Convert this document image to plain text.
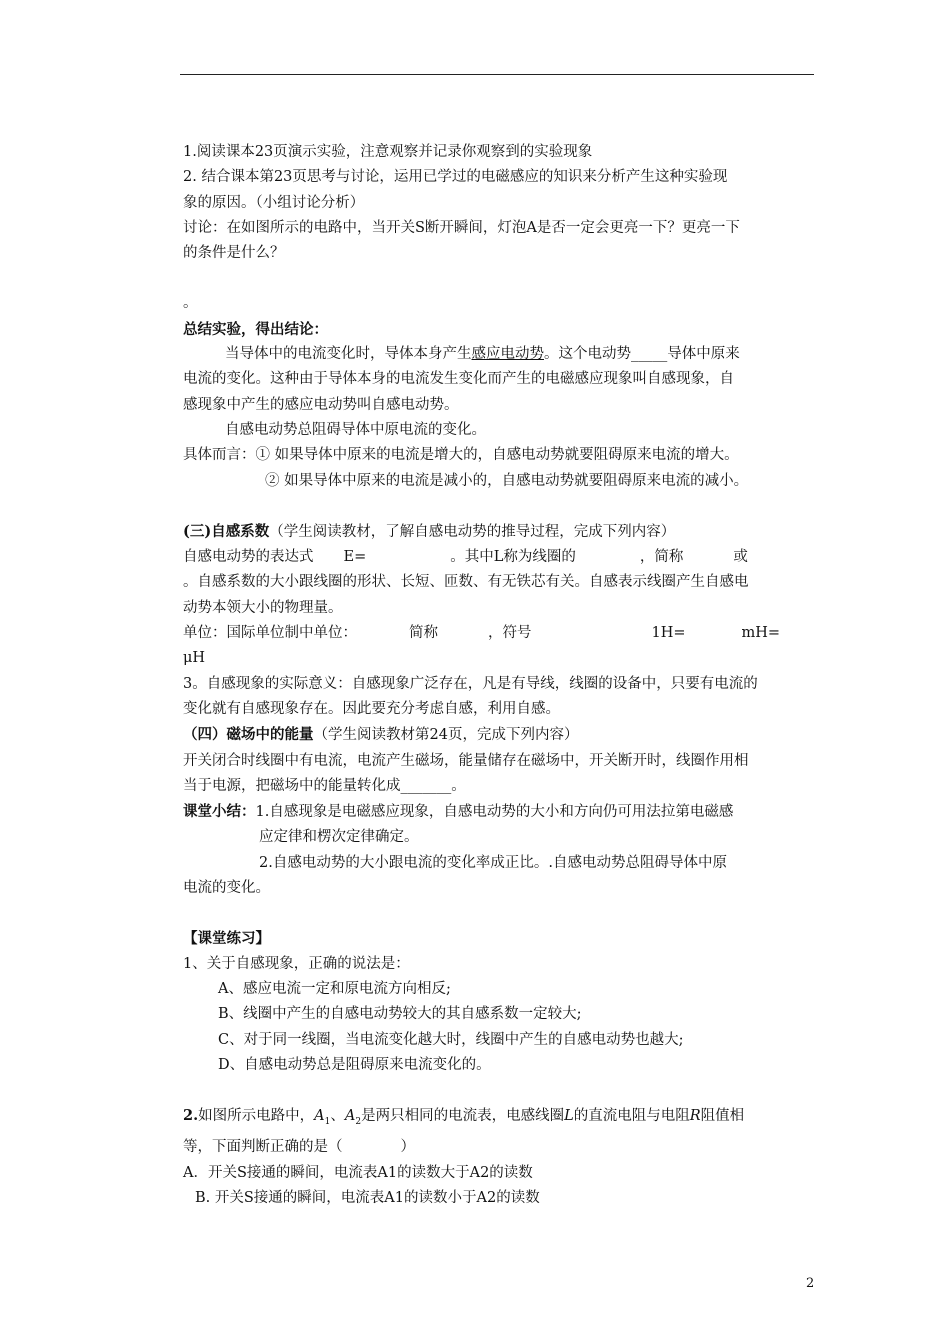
1.阅读课本23页演示实验，注意观察并记录你观察到的实验现象

2. 结合课本第23页思考与讨论，运用已学过的电磁感应的知识来分析产生这种实验现

象的原因。（小组讨论分析）

讨论：在如图所示的电路中，当开关S断开瞬间，灯泡A是否一定会更亮一下？更亮一下

的条件是什么？

。

总结实验，得出结论：

当导体中的电流变化时，导体本身产生感应电动势。这个电动势_____导体中原来

电流的变化。这种由于导体本身的电流发生变化而产生的电磁感应现象叫自感现象，自

感现象中产生的感应电动势叫自感电动势。

自感电动势总阻碍导体中原电流的变化。

具体而言：① 如果导体中原来的电流是增大的，自感电动势就要阻碍原来电流的增大。

② 如果导体中原来的电流是减小的，自感电动势就要阻碍原来电流的减小。

(三)自感系数（学生阅读教材，了解自感电动势的推导过程，完成下列内容）

自感电动势的表达式 E=	。其中L称为线圈的	，简称	或

。自感系数的大小跟线圈的形状、长短、匝数、有无铁芯有关。自感表示线圈产生自感电

动势本领大小的物理量。

单位：国际单位制中单位：	简称	，符号	1H=	mH=

μH

3。自感现象的实际意义：自感现象广泛存在，凡是有导线，线圈的设备中，只要有电流的

变化就有自感现象存在。因此要充分考虑自感，利用自感。

（四）磁场中的能量（学生阅读教材第24页，完成下列内容）

开关闭合时线圈中有电流，电流产生磁场，能量储存在磁场中，开关断开时，线圈作用相

当于电源，把磁场中的能量转化成_______。

课堂小结：1.自感现象是电磁感应现象，自感电动势的大小和方向仍可用法拉第电磁感

应定律和楞次定律确定。

2.自感电动势的大小跟电流的变化率成正比。.自感电动势总阻碍导体中原

电流的变化。

【课堂练习】

1、关于自感现象，正确的说法是：

A、感应电流一定和原电流方向相反;

B、线圈中产生的自感电动势较大的其自感系数一定较大;

C、对于同一线圈，当电流变化越大时，线圈中产生的自感电动势也越大;

D、自感电动势总是阻碍原来电流变化的。

2.如图所示电路中，$A_1$、$A_2$是两只相同的电流表，电感线圈L的直流电阻与电阻R阻值相

等，下面判断正确的是（　　　　）

A．开关S接通的瞬间，电流表A1的读数大于A2的读数

B. 开关S接通的瞬间，电流表A1的读数小于A2的读数

2
